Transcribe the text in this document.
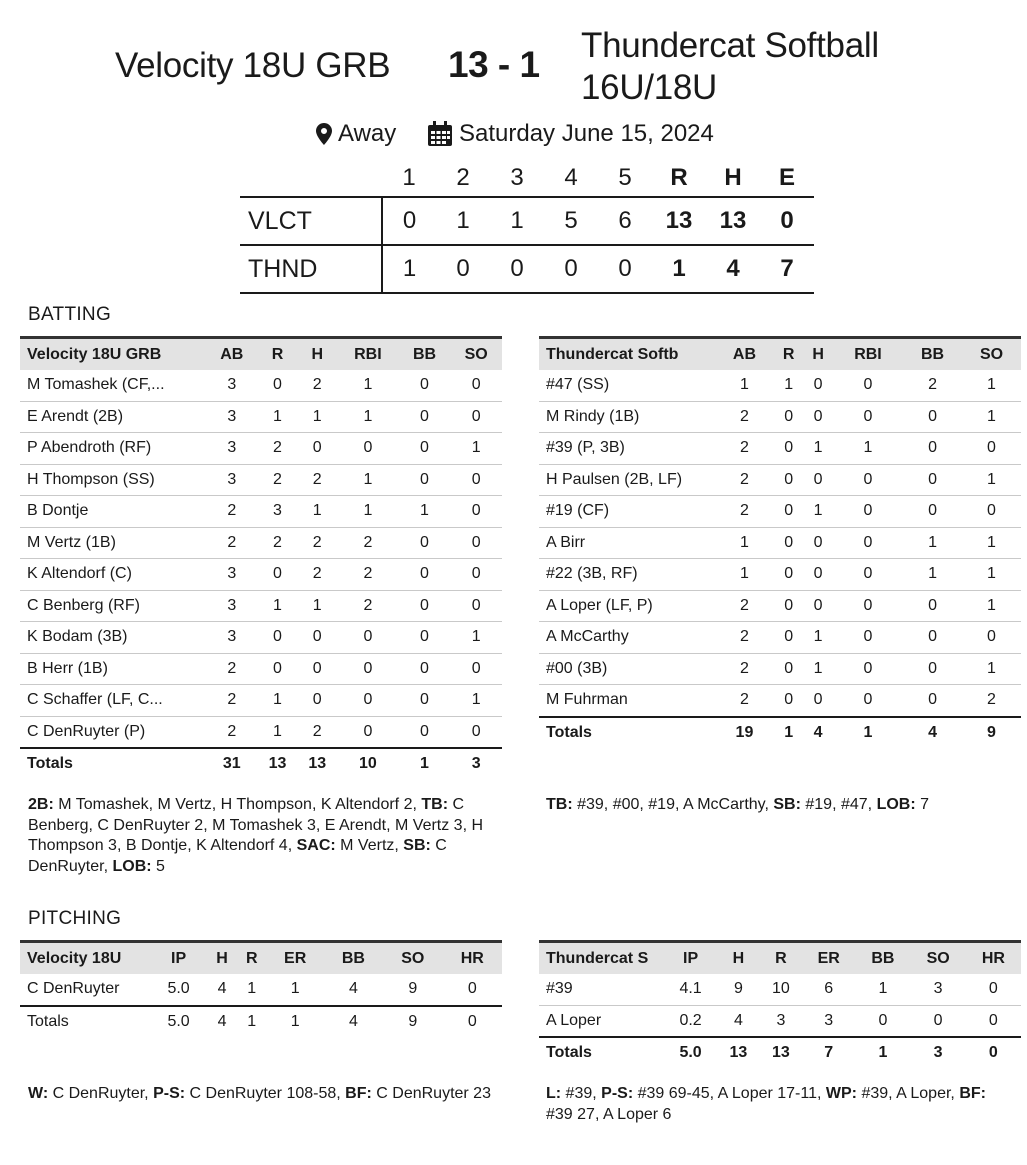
Velocity 18U GRB 13 - 1 Thundercat Softball 16U/18U
Away	Saturday June 15, 2024
	1	2	3	4	5	R	H	E
VLCT	0	1	1	5	6	13	13	0
THND	1	0	0	0	0	1	4	7
BATTING
Velocity 18U GRB	AB	R	H	RBI	BB	SO
M Tomashek (CF,...	3	0	2	1	0	0
E Arendt (2B)	3	1	1	1	0	0
P Abendroth (RF)	3	2	0	0	0	1
H Thompson (SS)	3	2	2	1	0	0
B Dontje	2	3	1	1	1	0
M Vertz (1B)	2	2	2	2	0	0
K Altendorf (C)	3	0	2	2	0	0
C Benberg (RF)	3	1	1	2	0	0
K Bodam (3B)	3	0	0	0	0	1
B Herr (1B)	2	0	0	0	0	0
C Schaffer (LF, C...	2	1	0	0	0	1
C DenRuyter (P)	2	1	2	0	0	0
Totals	31	13	13	10	1	3
Thundercat Softb	AB	R	H	RBI	BB	SO
#47 (SS)	1	1	0	0	2	1
M Rindy (1B)	2	0	0	0	0	1
#39 (P, 3B)	2	0	1	1	0	0
H Paulsen (2B, LF)	2	0	0	0	0	1
#19 (CF)	2	0	1	0	0	0
A Birr	1	0	0	0	1	1
#22 (3B, RF)	1	0	0	0	1	1
A Loper (LF, P)	2	0	0	0	0	1
A McCarthy	2	0	1	0	0	0
#00 (3B)	2	0	1	0	0	1
M Fuhrman	2	0	0	0	0	2
Totals	19	1	4	1	4	9
2B: M Tomashek, M Vertz, H Thompson, K Altendorf 2, TB: C Benberg, C DenRuyter 2, M Tomashek 3, E Arendt, M Vertz 3, H Thompson 3, B Dontje, K Altendorf 4, SAC: M Vertz, SB: C DenRuyter, LOB: 5
TB: #39, #00, #19, A McCarthy, SB: #19, #47, LOB: 7
PITCHING
Velocity 18U	IP	H	R	ER	BB	SO	HR
C DenRuyter	5.0	4	1	1	4	9	0
Totals	5.0	4	1	1	4	9	0
Thundercat S	IP	H	R	ER	BB	SO	HR
#39	4.1	9	10	6	1	3	0
A Loper	0.2	4	3	3	0	0	0
Totals	5.0	13	13	7	1	3	0
W: C DenRuyter, P-S: C DenRuyter 108-58, BF: C DenRuyter 23	L: #39, P-S: #39 69-45, A Loper 17-11, WP: #39, A Loper, BF: #39 27, A Loper 6
